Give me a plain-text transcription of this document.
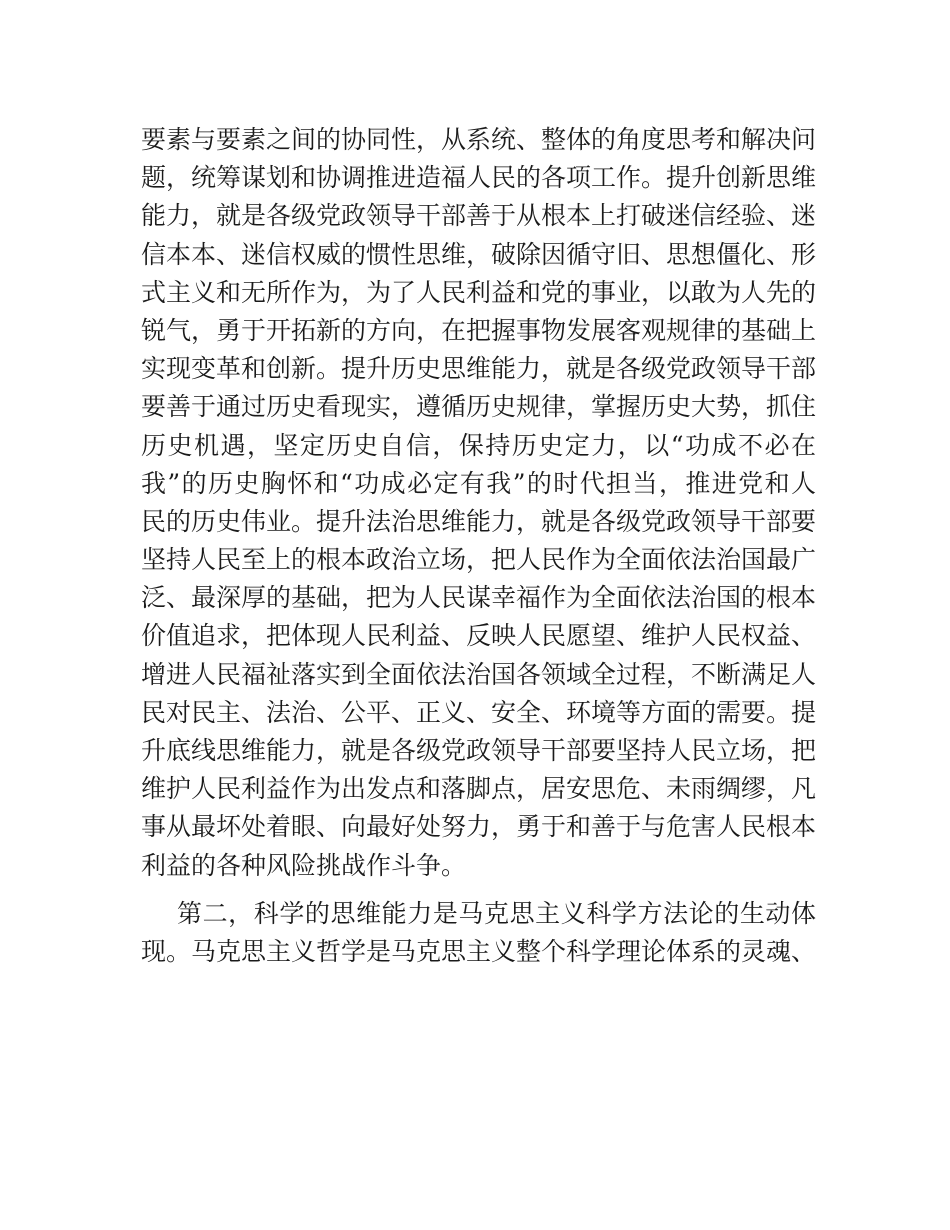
要素与要素之间的协同性，从系统、整体的角度思考和解决问
题，统筹谋划和协调推进造福人民的各项工作。提升创新思维
能力，就是各级党政领导干部善于从根本上打破迷信经验、迷
信本本、迷信权威的惯性思维，破除因循守旧、思想僵化、形
式主义和无所作为，为了人民利益和党的事业，以敢为人先的
锐气，勇于开拓新的方向，在把握事物发展客观规律的基础上
实现变革和创新。提升历史思维能力，就是各级党政领导干部
要善于通过历史看现实，遵循历史规律，掌握历史大势，抓住
历史机遇，坚定历史自信，保持历史定力，以“功成不必在
我”的历史胸怀和“功成必定有我”的时代担当，推进党和人
民的历史伟业。提升法治思维能力，就是各级党政领导干部要
坚持人民至上的根本政治立场，把人民作为全面依法治国最广
泛、最深厚的基础，把为人民谋幸福作为全面依法治国的根本
价值追求，把体现人民利益、反映人民愿望、维护人民权益、
增进人民福祉落实到全面依法治国各领域全过程，不断满足人
民对民主、法治、公平、正义、安全、环境等方面的需要。提
升底线思维能力，就是各级党政领导干部要坚持人民立场，把
维护人民利益作为出发点和落脚点，居安思危、未雨绸缪，凡
事从最坏处着眼、向最好处努力，勇于和善于与危害人民根本
利益的各种风险挑战作斗争。
第二，科学的思维能力是马克思主义科学方法论的生动体
现。马克思主义哲学是马克思主义整个科学理论体系的灵魂、
